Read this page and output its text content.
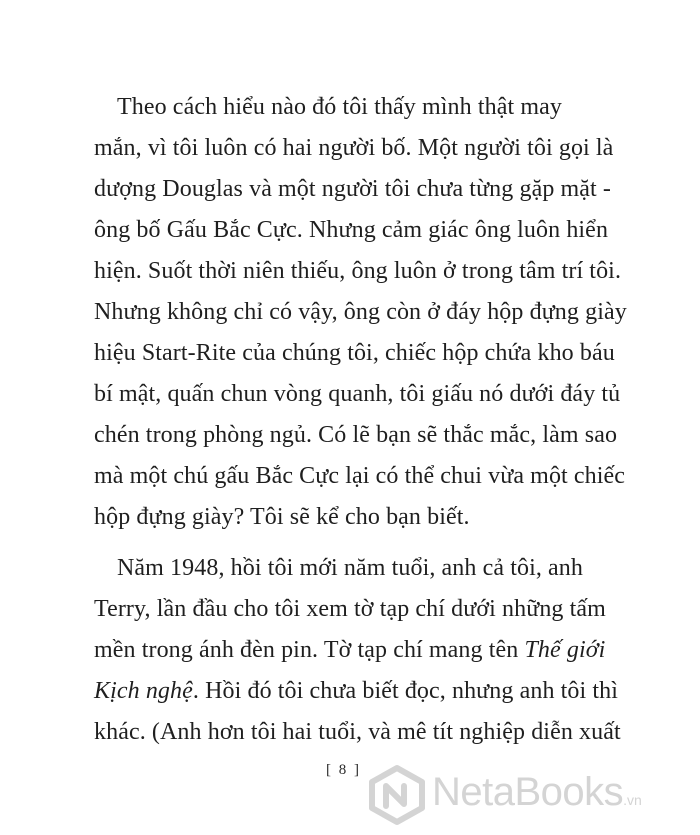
Theo cách hiểu nào đó tôi thấy mình thật may
mắn, vì tôi luôn có hai người bố. Một người tôi gọi là
dượng Douglas và một người tôi chưa từng gặp mặt -
ông bố Gấu Bắc Cực. Nhưng cảm giác ông luôn hiển
hiện. Suốt thời niên thiếu, ông luôn ở trong tâm trí tôi.
Nhưng không chỉ có vậy, ông còn ở đáy hộp đựng giày
hiệu Start-Rite của chúng tôi, chiếc hộp chứa kho báu
bí mật, quấn chun vòng quanh, tôi giấu nó dưới đáy tủ
chén trong phòng ngủ. Có lẽ bạn sẽ thắc mắc, làm sao
mà một chú gấu Bắc Cực lại có thể chui vừa một chiếc
hộp đựng giày? Tôi sẽ kể cho bạn biết.
Năm 1948, hồi tôi mới năm tuổi, anh cả tôi, anh
Terry, lần đầu cho tôi xem tờ tạp chí dưới những tấm
mền trong ánh đèn pin. Tờ tạp chí mang tên Thế giới
Kịch nghệ. Hồi đó tôi chưa biết đọc, nhưng anh tôi thì
khác. (Anh hơn tôi hai tuổi, và mê tít nghiệp diễn xuất
[ 8 ] NetaBooks.vn
